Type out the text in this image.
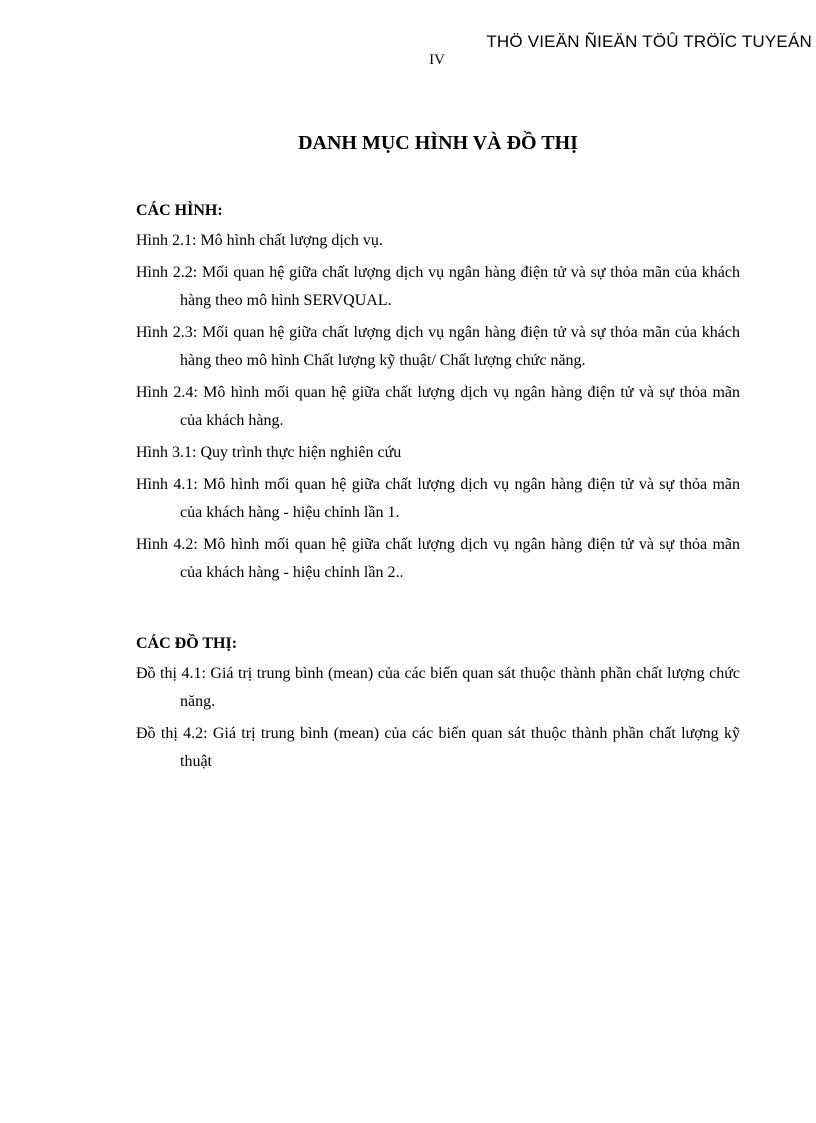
THÖ VIEÄN ÑIEÄN TÖÛ TRÖÏC TUYEÁN
IV
DANH MỤC HÌNH VÀ ĐỒ THỊ
CÁC HÌNH:
Hình 2.1: Mô hình chất lượng dịch vụ.
Hình 2.2: Mối quan hệ giữa chất lượng dịch vụ ngân hàng điện tử và sự thỏa mãn của khách hàng theo mô hình SERVQUAL.
Hình 2.3: Mối quan hệ giữa chất lượng dịch vụ ngân hàng điện tử và sự thỏa mãn của khách hàng theo mô hình Chất lượng kỹ thuật/ Chất lượng chức năng.
Hình 2.4: Mô hình mối quan hệ giữa chất lượng dịch vụ ngân hàng điện tử và sự thỏa mãn của khách hàng.
Hình 3.1: Quy trình thực hiện nghiên cứu
Hình 4.1: Mô hình mối quan hệ giữa chất lượng dịch vụ ngân hàng điện tử và sự thỏa mãn của khách hàng - hiệu chỉnh lần 1.
Hình 4.2: Mô hình mối quan hệ giữa chất lượng dịch vụ ngân hàng điện tử và sự thỏa mãn của khách hàng - hiệu chỉnh lần 2..
CÁC ĐỒ THỊ:
Đồ thị 4.1: Giá trị trung bình (mean) của các biến quan sát thuộc thành phần chất lượng chức năng.
Đồ thị 4.2: Giá trị trung bình (mean) của các biến quan sát thuộc thành phần chất lượng kỹ thuật
